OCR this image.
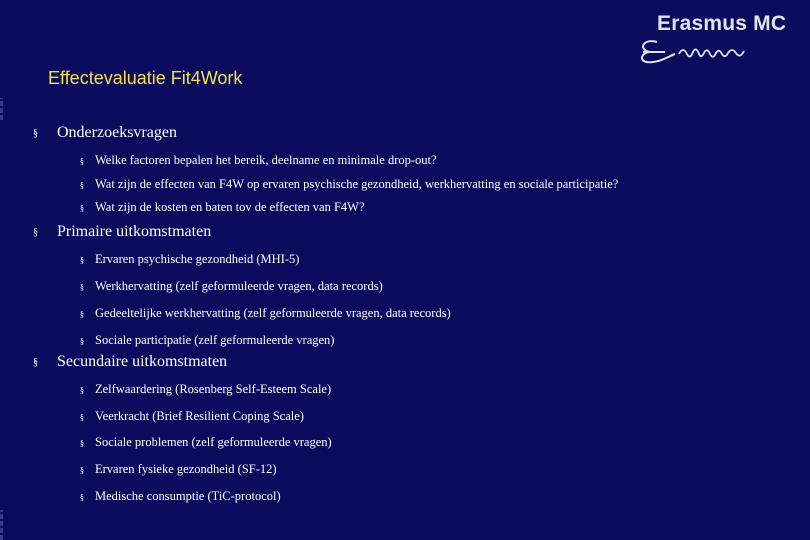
Erasmus MC
Effectevaluatie Fit4Work
§ Onderzoeksvragen
§ Welke factoren bepalen het bereik, deelname en minimale drop-out?
§ Wat zijn de effecten van F4W op ervaren psychische gezondheid, werkhervatting en sociale participatie?
§ Wat zijn de kosten en baten tov de effecten van F4W?
§ Primaire uitkomstmaten
§ Ervaren psychische gezondheid (MHI-5)
§ Werkhervatting (zelf geformuleerde vragen, data records)
§ Gedeeltelijke werkhervatting (zelf geformuleerde vragen, data records)
§ Sociale participatie (zelf geformuleerde vragen)
§ Secundaire uitkomstmaten
§ Zelfwaardering (Rosenberg Self-Esteem Scale)
§ Veerkracht (Brief Resilient Coping Scale)
§ Sociale problemen (zelf geformuleerde vragen)
§ Ervaren fysieke gezondheid (SF-12)
§ Medische consumptie (TiC-protocol)
